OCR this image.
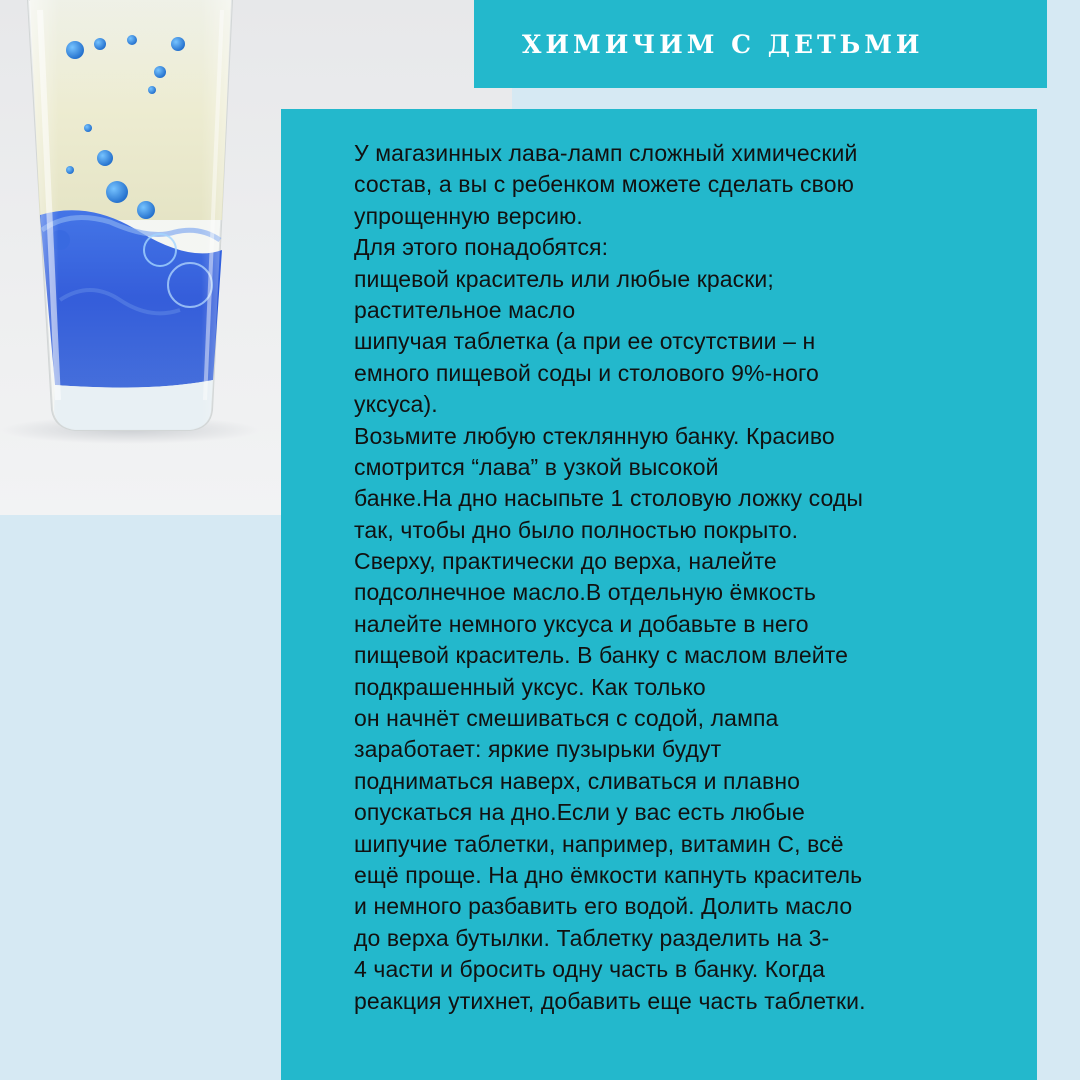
ХИМИЧИМ С ДЕТЬМИ
У магазинных лава-ламп сложный химический
состав, а вы с ребенком можете сделать свою
упрощенную версию.
Для этого понадобятся:
пищевой краситель или любые краски;
растительное масло
шипучая таблетка (а при ее отсутствии – н
емного пищевой соды и столового 9%-ного
уксуса).
Возьмите любую стеклянную банку. Красиво
смотрится “лава” в узкой высокой
банке.На дно насыпьте 1 столовую ложку соды
так, чтобы дно было полностью покрыто.
Сверху, практически до верха, налейте
подсолнечное масло.В отдельную ёмкость
налейте немного уксуса и добавьте в него
пищевой краситель. В банку с маслом влейте
подкрашенный уксус. Как только
он начнёт смешиваться с содой, лампа
заработает: яркие пузырьки будут
подниматься наверх, сливаться и плавно
опускаться на дно.Если у вас есть любые
шипучие таблетки, например, витамин С, всё
ещё проще. На дно ёмкости капнуть краситель
и немного разбавить его водой. Долить масло
до верха бутылки. Таблетку разделить на 3-
4 части и бросить одну часть в банку. Когда
реакция утихнет, добавить еще часть таблетки.
